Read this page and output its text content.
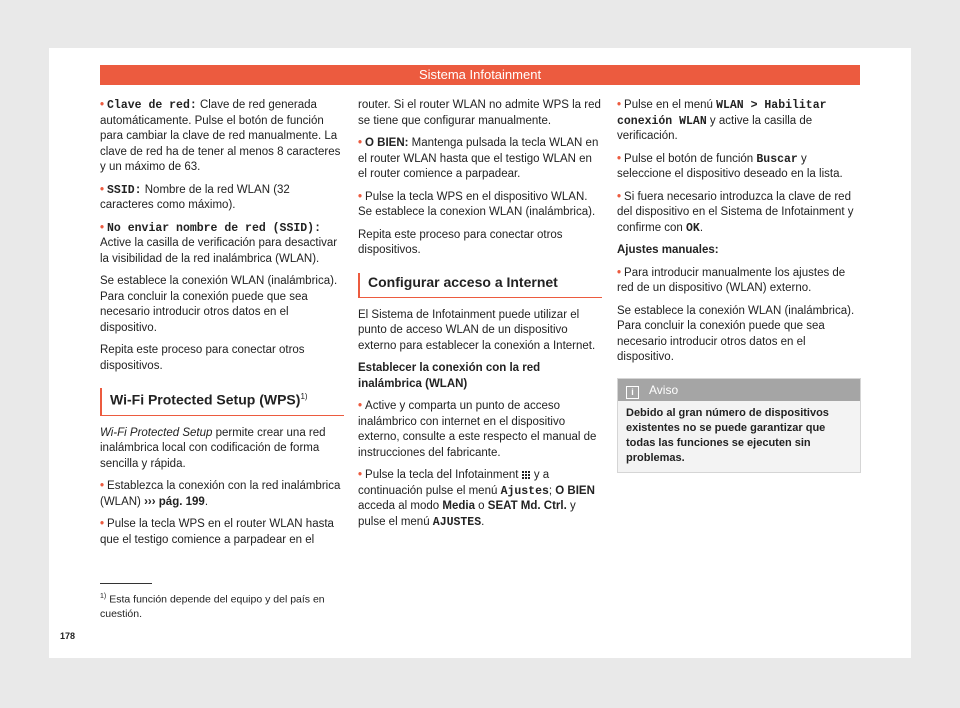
Sistema Infotainment

• Clave de red: Clave de red generada automáticamente. Pulse el botón de función para cambiar la clave de red manualmente. La clave de red ha de tener al menos 8 caracteres y un máximo de 63.

• SSID: Nombre de la red WLAN (32 caracteres como máximo).

• No enviar nombre de red (SSID): Active la casilla de verificación para desactivar la visibilidad de la red inalámbrica (WLAN).

Se establece la conexión WLAN (inalámbrica). Para concluir la conexión puede que sea necesario introducir otros datos en el dispositivo.

Repita este proceso para conectar otros dispositivos.

Wi-Fi Protected Setup (WPS)$^{1)}$

Wi-Fi Protected Setup permite crear una red inalámbrica local con codificación de forma sencilla y rápida.

• Establezca la conexión con la red inalámbrica (WLAN) ››› pág. 199.

• Pulse la tecla WPS en el router WLAN hasta que el testigo comience a parpadear en el

router. Si el router WLAN no admite WPS la red se tiene que configurar manualmente.

• O BIEN: Mantenga pulsada la tecla WLAN en el router WLAN hasta que el testigo WLAN en el router comience a parpadear.

• Pulse la tecla WPS en el dispositivo WLAN. Se establece la conexion WLAN (inalámbrica).

Repita este proceso para conectar otros dispositivos.

Configurar acceso a Internet

El Sistema de Infotainment puede utilizar el punto de acceso WLAN de un dispositivo externo para establecer la conexión a Internet.

Establecer la conexión con la red inalámbrica (WLAN)

• Active y comparta un punto de acceso inalámbrico con internet en el dispositivo externo, consulte a este respecto el manual de instrucciones del fabricante.

• Pulse la tecla del Infotainment  y a continuación pulse el menú Ajustes; O BIEN acceda al modo Media o SEAT Md. Ctrl. y pulse el menú AJUSTES.

• Pulse en el menú WLAN > Habilitar conexión WLAN y active la casilla de verificación.

• Pulse el botón de función Buscar y seleccione el dispositivo deseado en la lista.

• Si fuera necesario introduzca la clave de red del dispositivo en el Sistema de Infotainment y confirme con OK.

Ajustes manuales:

• Para introducir manualmente los ajustes de red de un dispositivo (WLAN) externo.

Se establece la conexión WLAN (inalámbrica). Para concluir la conexión puede que sea necesario introducir otros datos en el dispositivo.

i Aviso
Debido al gran número de dispositivos existentes no se puede garantizar que todas las funciones se ejecuten sin problemas.
$^{1)}$ Esta función depende del equipo y del país en cuestión.
178
